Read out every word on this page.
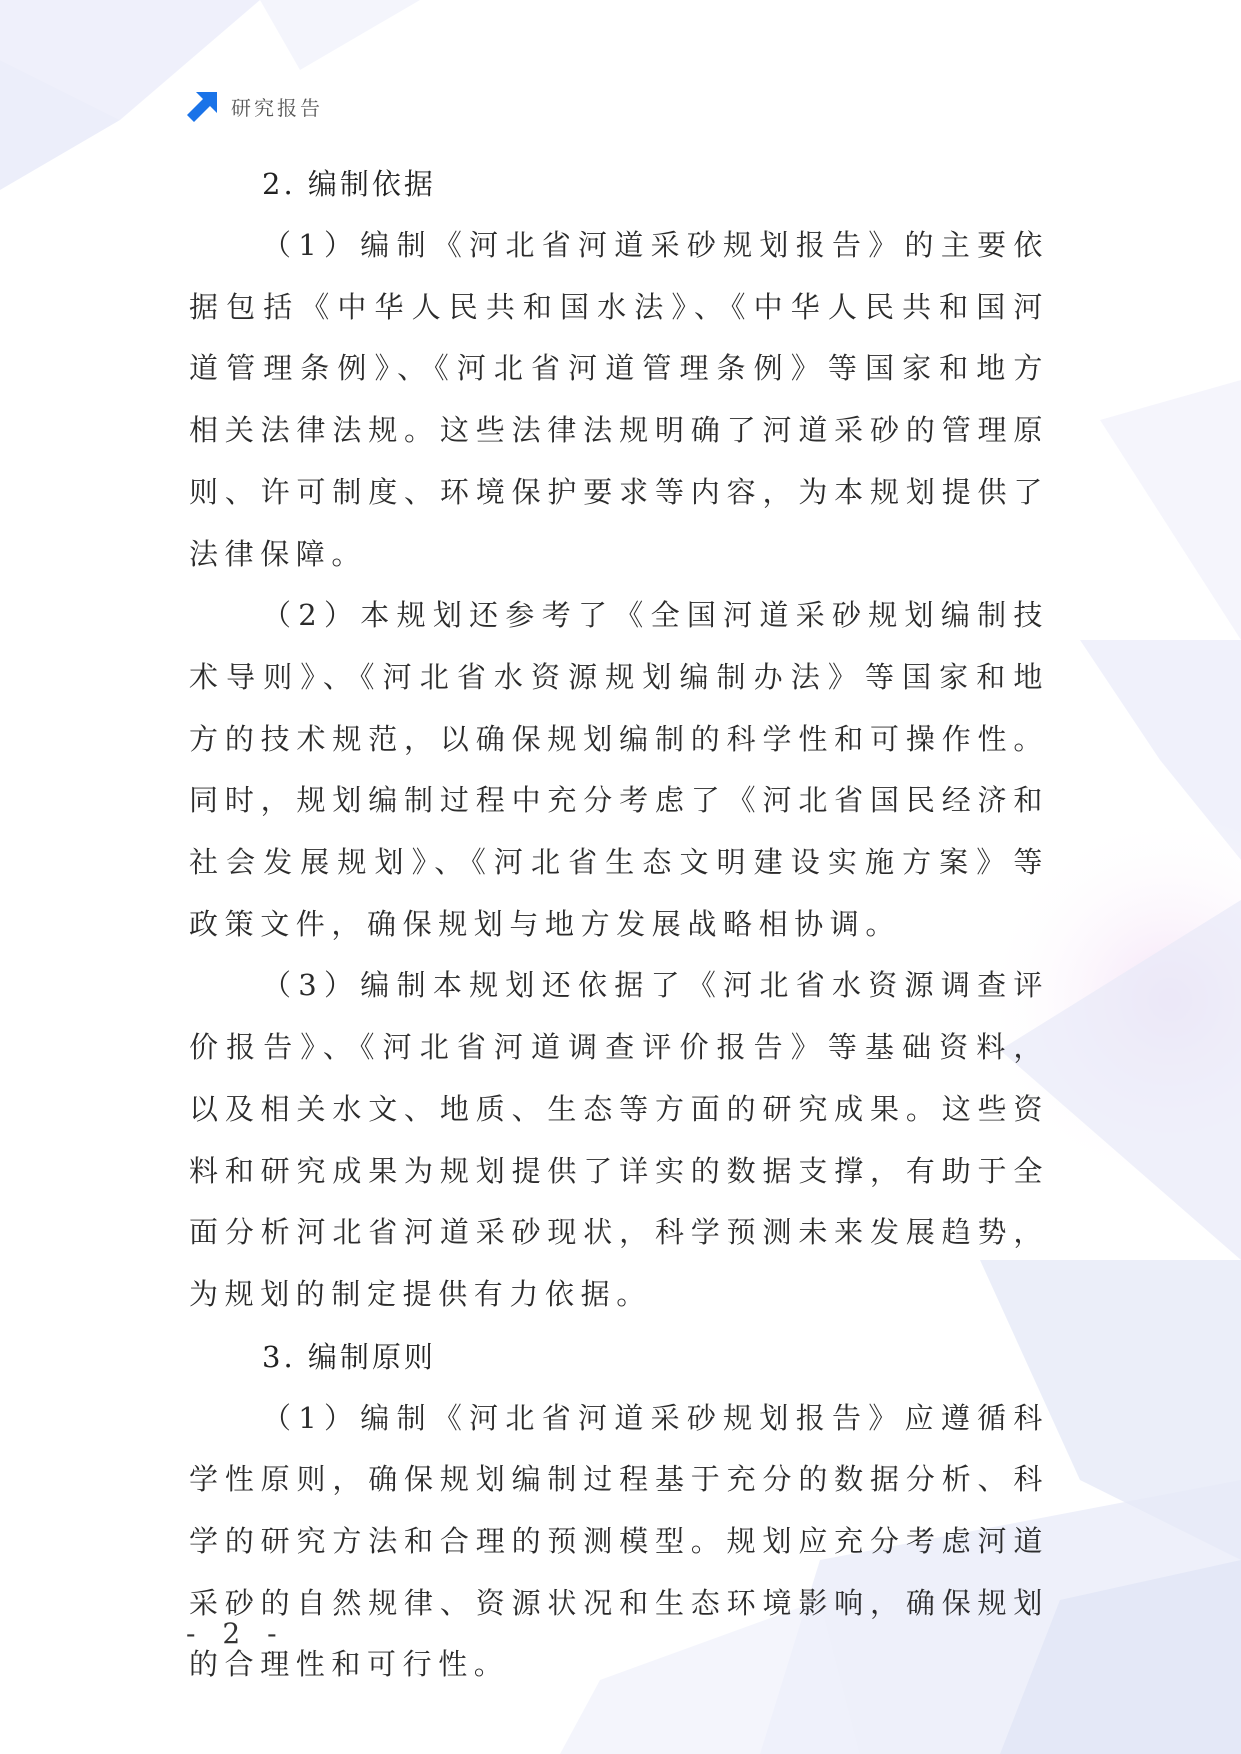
研究报告
2. 编制依据

（1）编制《河北省河道采砂规划报告》的主要依据包括《中华人民共和国水法》、《中华人民共和国河道管理条例》、《河北省河道管理条例》等国家和地方相关法律法规。这些法律法规明确了河道采砂的管理原则、许可制度、环境保护要求等内容，为本规划提供了法律保障。

（2）本规划还参考了《全国河道采砂规划编制技术导则》、《河北省水资源规划编制办法》等国家和地方的技术规范，以确保规划编制的科学性和可操作性。同时，规划编制过程中充分考虑了《河北省国民经济和社会发展规划》、《河北省生态文明建设实施方案》等政策文件，确保规划与地方发展战略相协调。

（3）编制本规划还依据了《河北省水资源调查评价报告》、《河北省河道调查评价报告》等基础资料，以及相关水文、地质、生态等方面的研究成果。这些资料和研究成果为规划提供了详实的数据支撑，有助于全面分析河北省河道采砂现状，科学预测未来发展趋势，为规划的制定提供有力依据。

3. 编制原则

（1）编制《河北省河道采砂规划报告》应遵循科学性原则，确保规划编制过程基于充分的数据分析、科学的研究方法和合理的预测模型。规划应充分考虑河道采砂的自然规律、资源状况和生态环境影响，确保规划的合理性和可行性。

- 2 -
